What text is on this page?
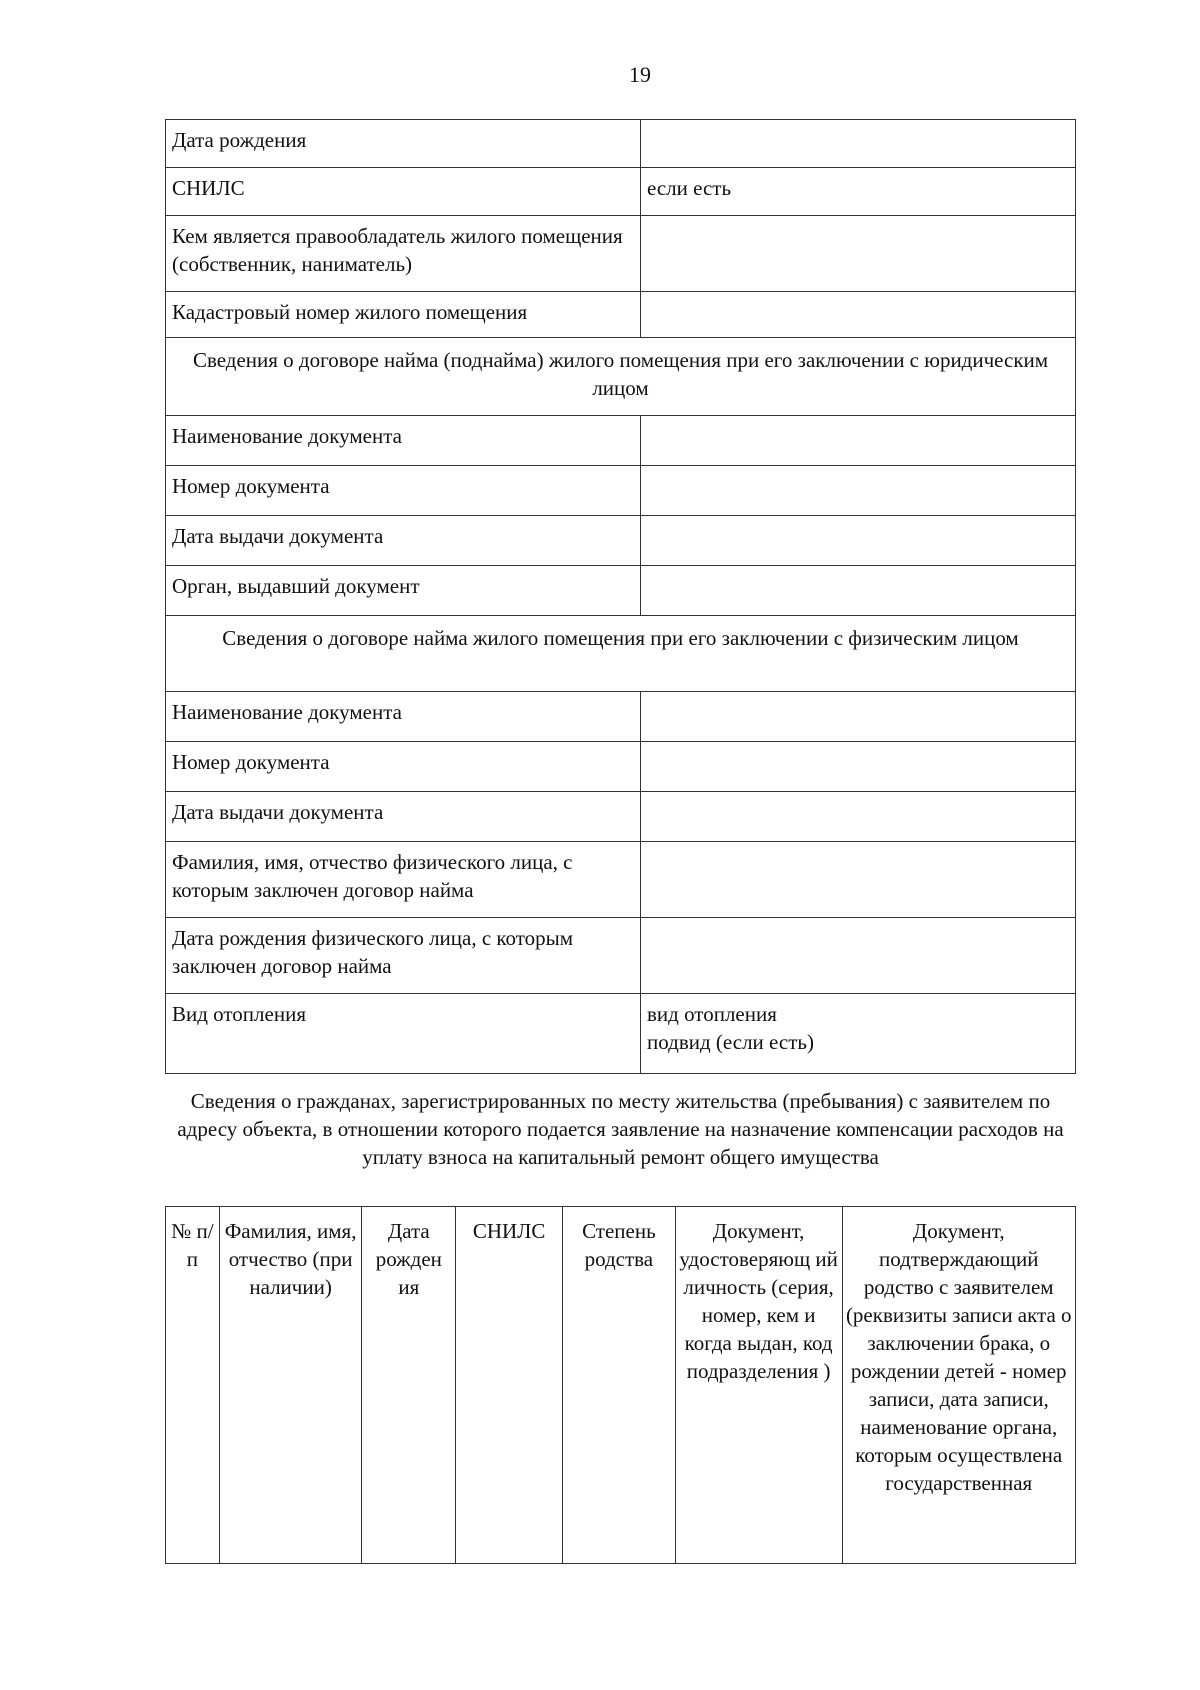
19
Дата рождения	
СНИЛС	если есть
Кем является правообладатель жилого помещения (собственник, наниматель)	
Кадастровый номер жилого помещения	
Сведения о договоре найма (поднайма) жилого помещения при его заключении с юридическим лицом	
Наименование документа	
Номер документа	
Дата выдачи документа	
Орган, выдавший документ	
Сведения о договоре найма жилого помещения при его заключении с физическим лицом	
Наименование документа	
Номер документа	
Дата выдачи документа	
Фамилия, имя, отчество физического лица, с которым заключен договор найма	
Дата рождения физического лица, с которым заключен договор найма	
Вид отопления	вид отопления
подвид (если есть)
Сведения о гражданах, зарегистрированных по месту жительства (пребывания) с заявителем по адресу объекта, в отношении которого подается заявление на назначение компенсации расходов на уплату взноса на капитальный ремонт общего имущества
№ п/п	Фамилия, имя, отчество (при наличии)	Дата рожден ия	СНИЛС	Степень родства	Документ, удостоверяющ ий личность (серия, номер, кем и когда выдан, код подразделения )	Документ, подтверждающий родство с заявителем (реквизиты записи акта о заключении брака, о рождении детей - номер записи, дата записи, наименование органа, которым осуществлена государственная
